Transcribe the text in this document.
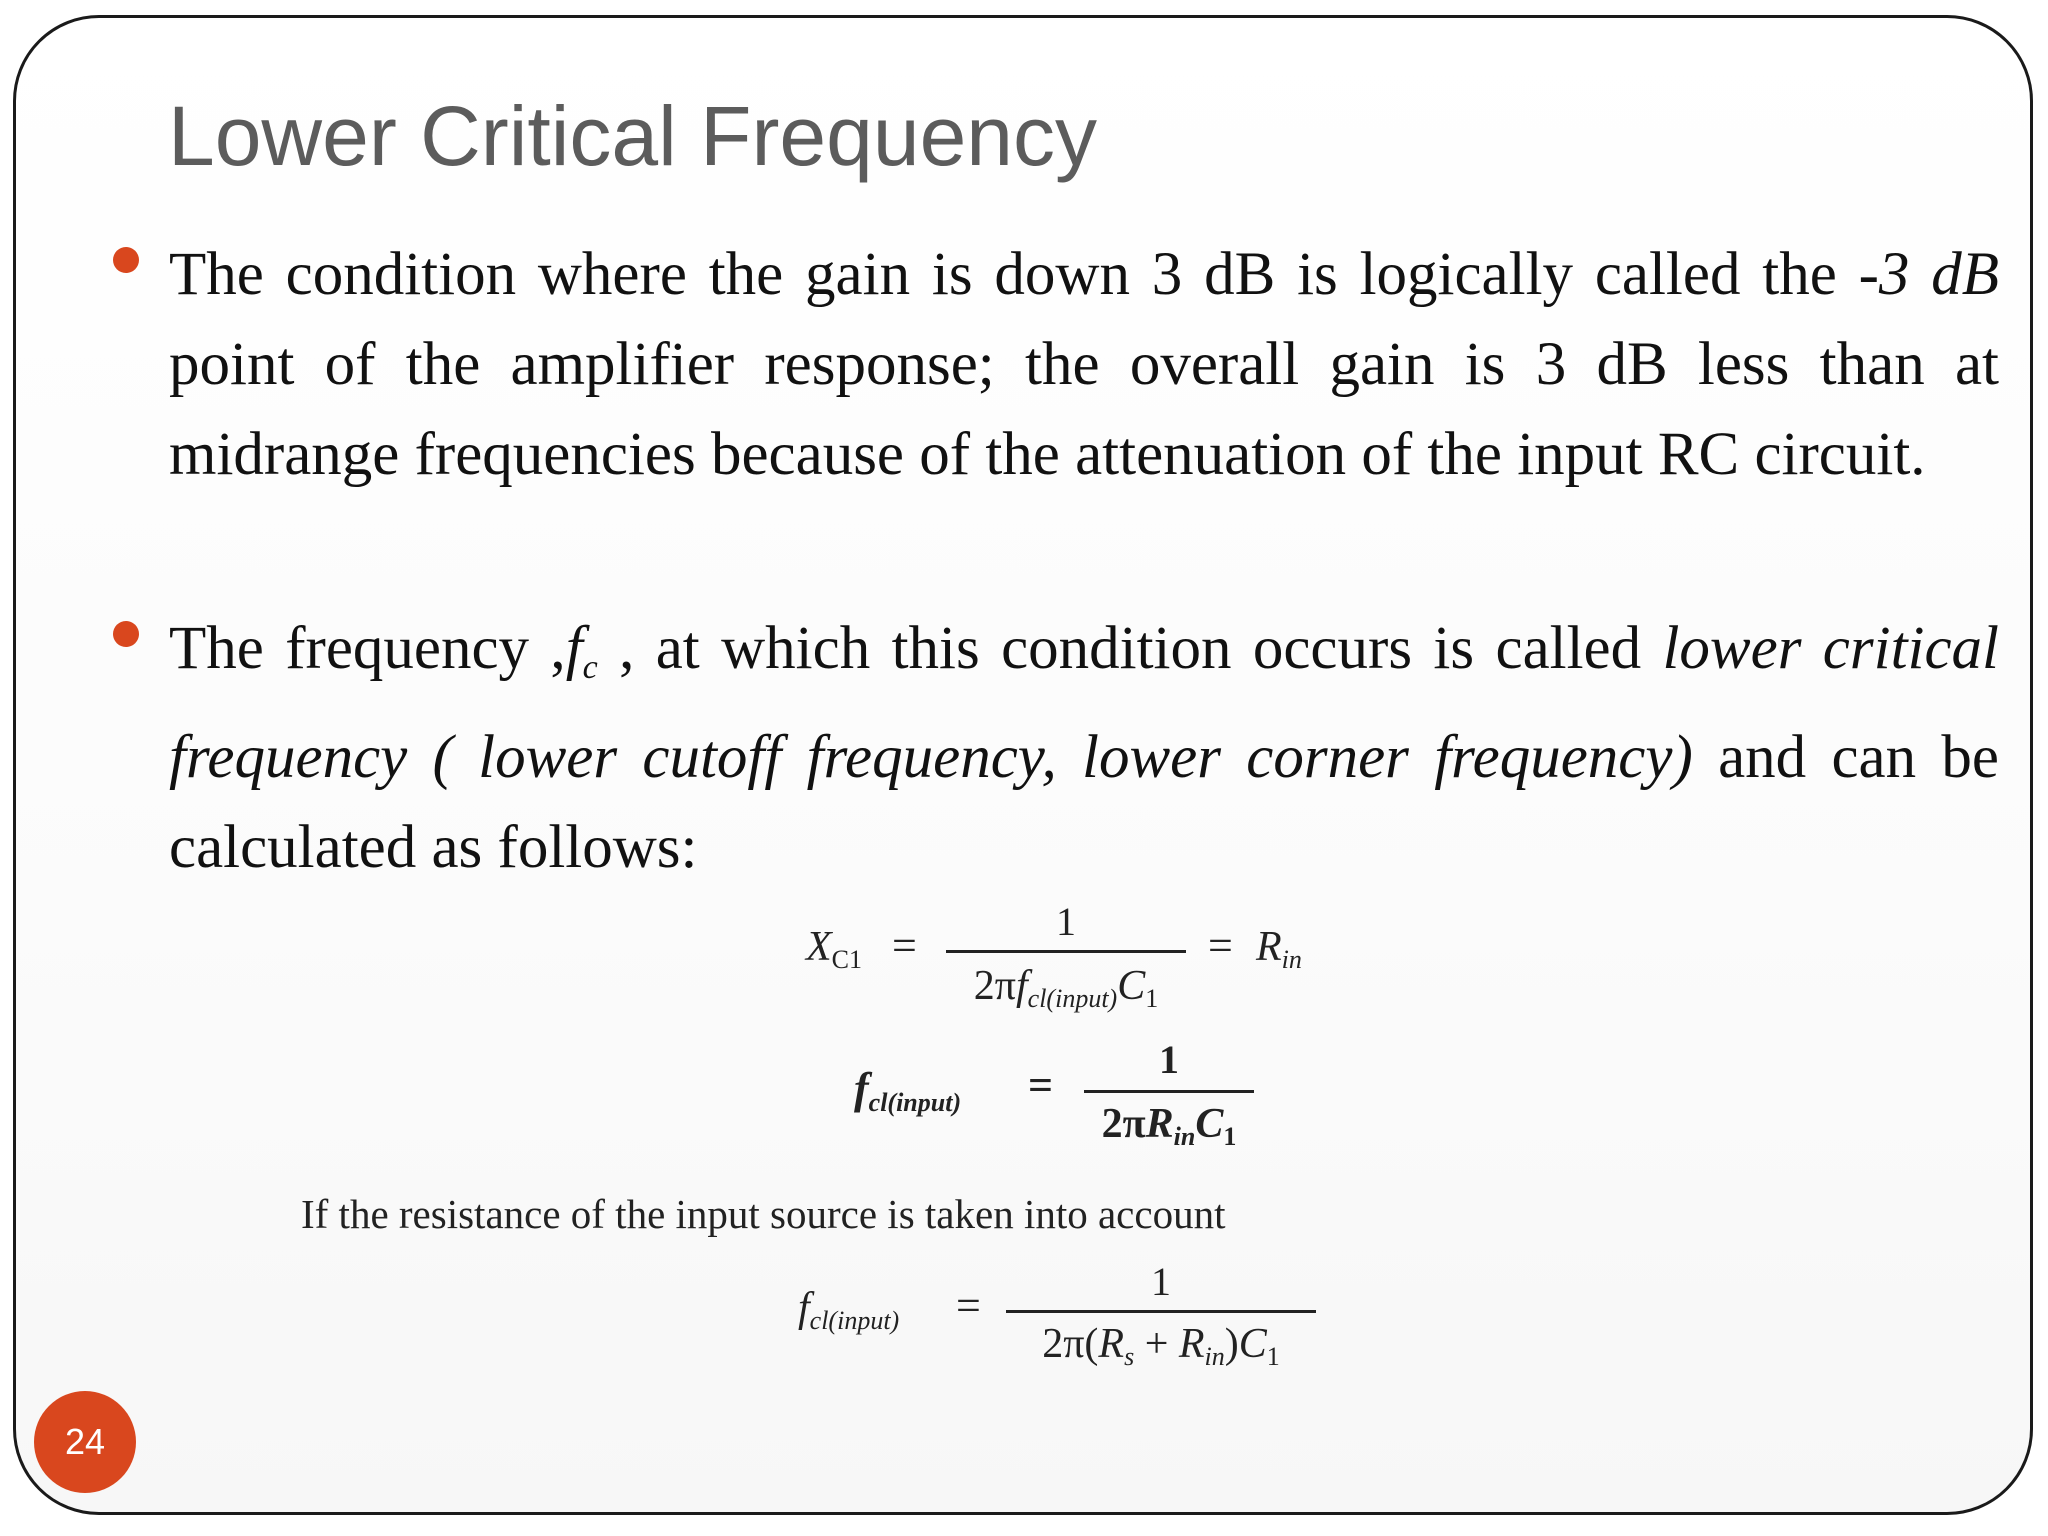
Lower Critical Frequency

The condition where the gain is down 3 dB is logically called the -3 dB point of the amplifier response; the overall gain is 3 dB less than at midrange frequencies because of the attenuation of the input RC circuit.

The frequency $,f_c$ , at which this condition occurs is called lower critical frequency ( lower cutoff frequency, lower corner frequency) and can be calculated as follows:

$X_{C1}$ =	1
$2\pi f_{cl(input)}C_1$
= $R_{in}$
$f_{cl(input)}$ =
1
$2\pi R_{in}C_1$

If the resistance of the input source is taken into account

$f_{cl(input)}$ =	1
$2\pi(R_s + R_{in})C_1$
24
